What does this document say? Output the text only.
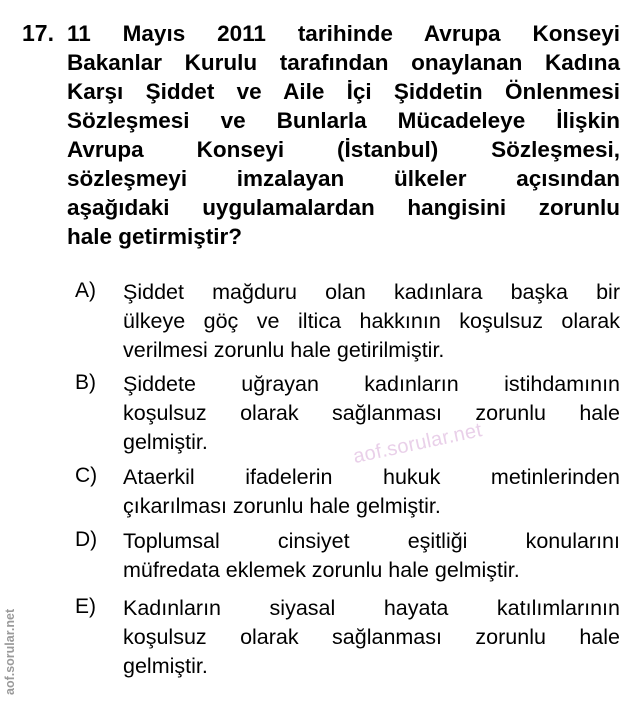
17. 11 Mayıs 2011 tarihinde Avrupa Konseyi
Bakanlar Kurulu tarafından onaylanan Kadına
Karşı Şiddet ve Aile İçi Şiddetin Önlenmesi
Sözleşmesi ve Bunlarla Mücadeleye İlişkin
Avrupa Konseyi (İstanbul) Sözleşmesi,
sözleşmeyi imzalayan ülkeler açısından
aşağıdaki uygulamalardan hangisini zorunlu
hale getirmiştir?
A) Şiddet mağduru olan kadınlara başka bir
ülkeye göç ve iltica hakkının koşulsuz olarak
verilmesi zorunlu hale getirilmiştir.
B) Şiddete uğrayan kadınların istihdamının
koşulsuz olarak sağlanması zorunlu hale
gelmiştir.
C) Ataerkil ifadelerin hukuk metinlerinden
çıkarılması zorunlu hale gelmiştir.
D) Toplumsal cinsiyet eşitliği konularını
müfredata eklemek zorunlu hale gelmiştir.
E) Kadınların siyasal hayata katılımlarının
koşulsuz olarak sağlanması zorunlu hale
gelmiştir.
aof.sorular.net
aof.sorular.net
